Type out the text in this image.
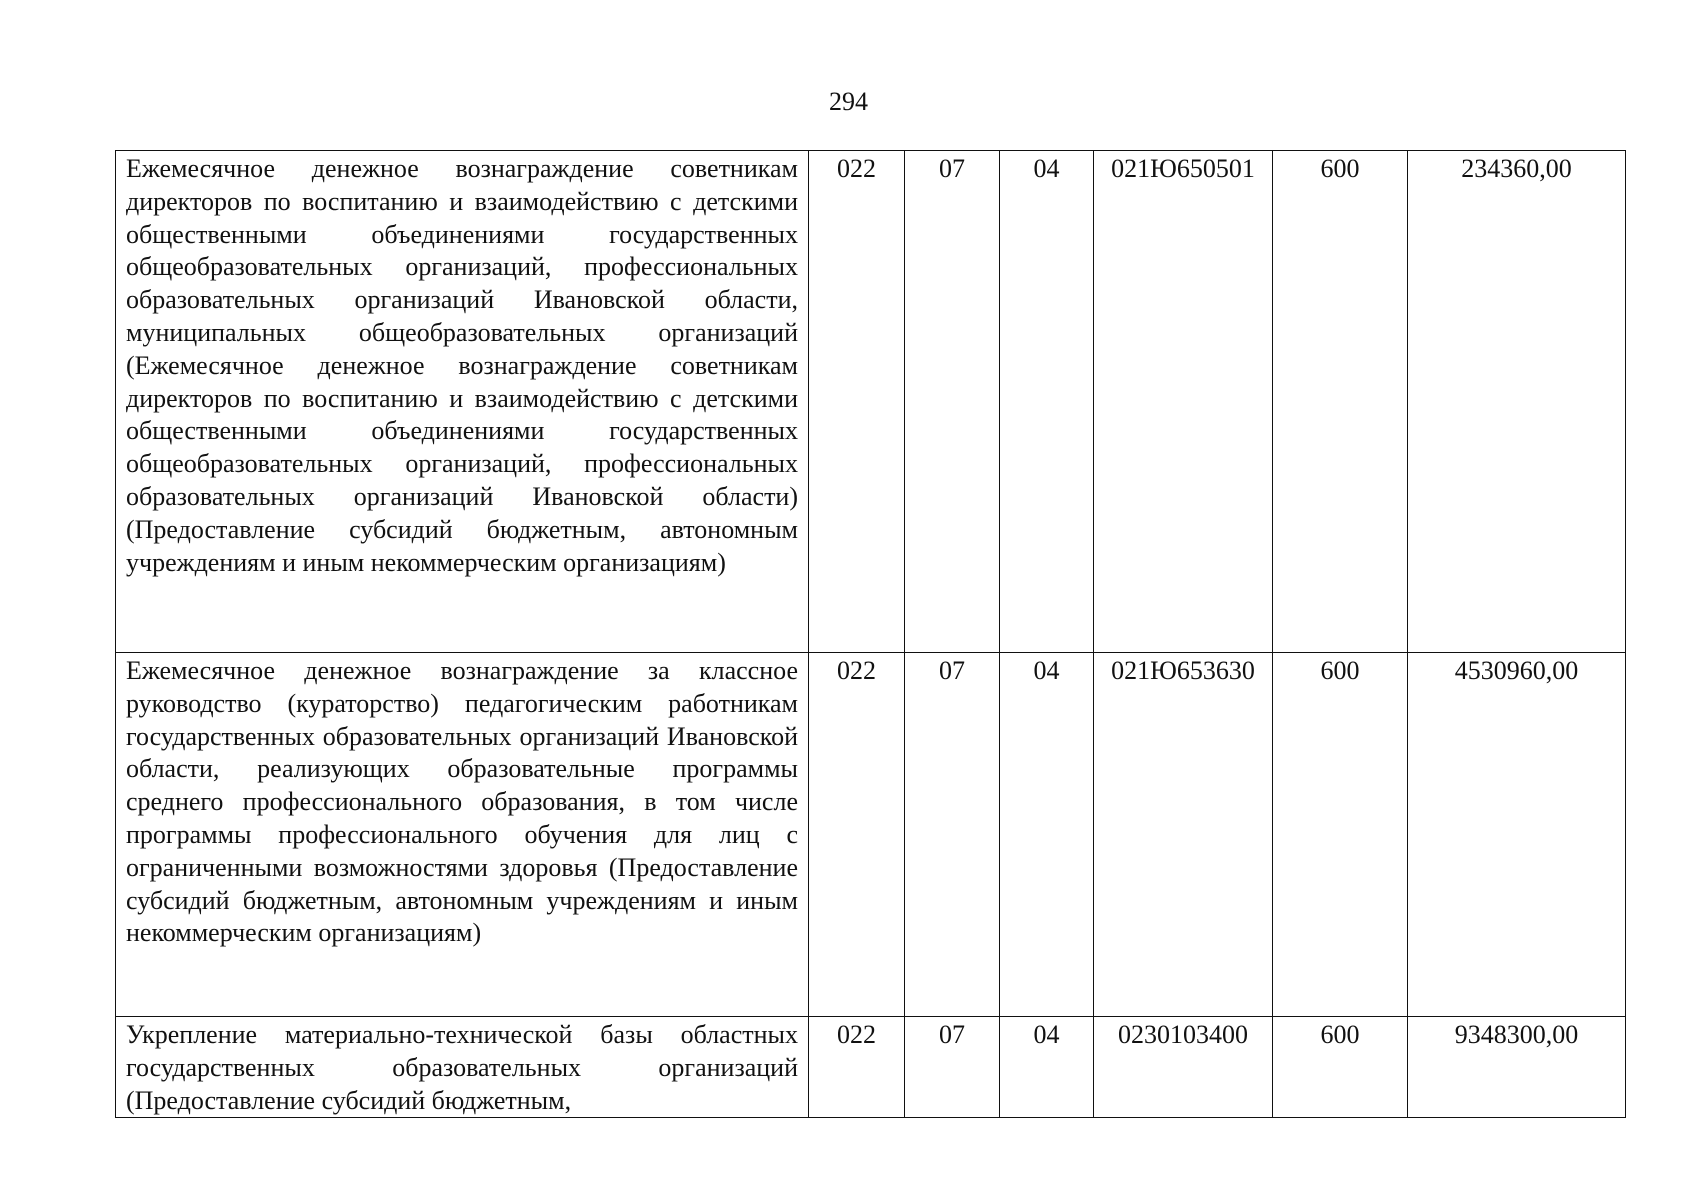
294
Ежемесячное денежное вознаграждение советникам директоров по воспитанию и взаимодействию с детскими общественными объединениями государственных общеобразовательных организаций, профессиональных образовательных организаций Ивановской области, муниципальных общеобразовательных организаций (Ежемесячное денежное вознаграждение советникам директоров по воспитанию и взаимодействию с детскими общественными объединениями государственных общеобразовательных организаций, профессиональных образовательных организаций Ивановской области) (Предоставление субсидий бюджетным, автономным учреждениям и иным некоммерческим организациям)	022	07	04	021Ю650501	600	234360,00
Ежемесячное денежное вознаграждение за классное руководство (кураторство) педагогическим работникам государственных образовательных организаций Ивановской области, реализующих образовательные программы среднего профессионального образования, в том числе программы профессионального обучения для лиц с ограниченными возможностями здоровья (Предоставление субсидий бюджетным, автономным учреждениям и иным некоммерческим организациям)	022	07	04	021Ю653630	600	4530960,00
Укрепление материально-технической базы областных государственных образовательных организаций (Предоставление субсидий бюджетным,	022	07	04	0230103400	600	9348300,00
